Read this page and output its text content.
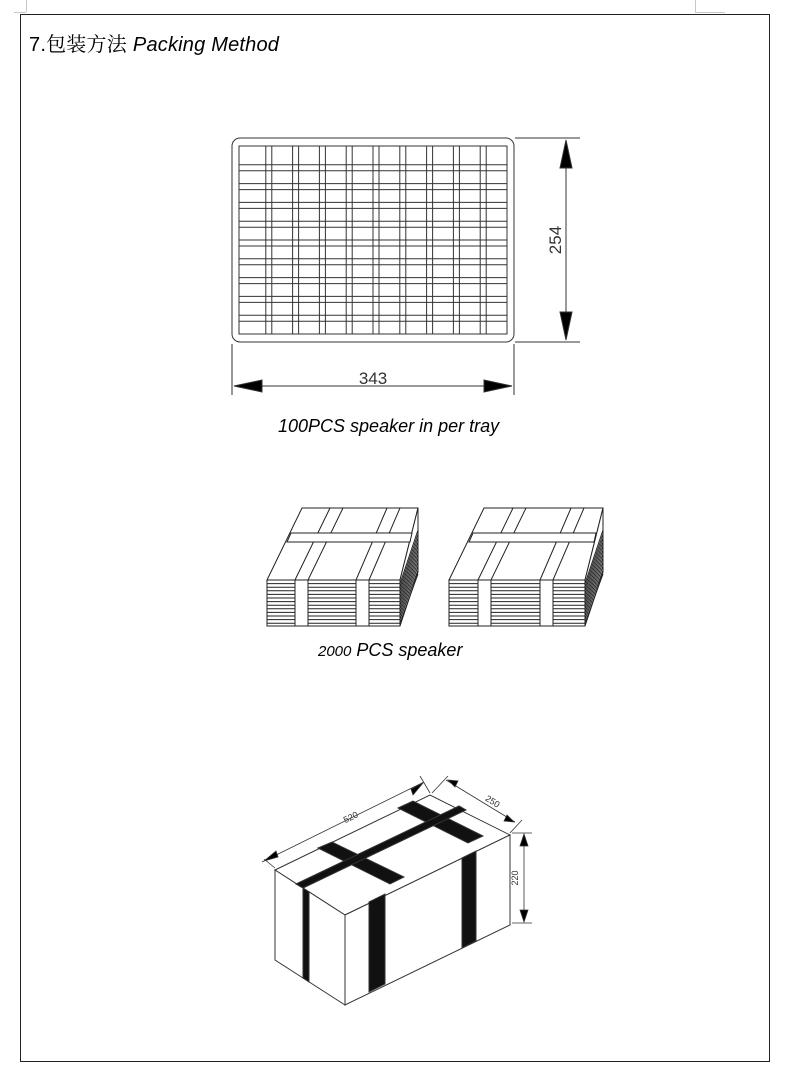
7.包装方法 Packing Method
254
343
520
250
220
100PCS speaker in per tray
2000 PCS speaker
